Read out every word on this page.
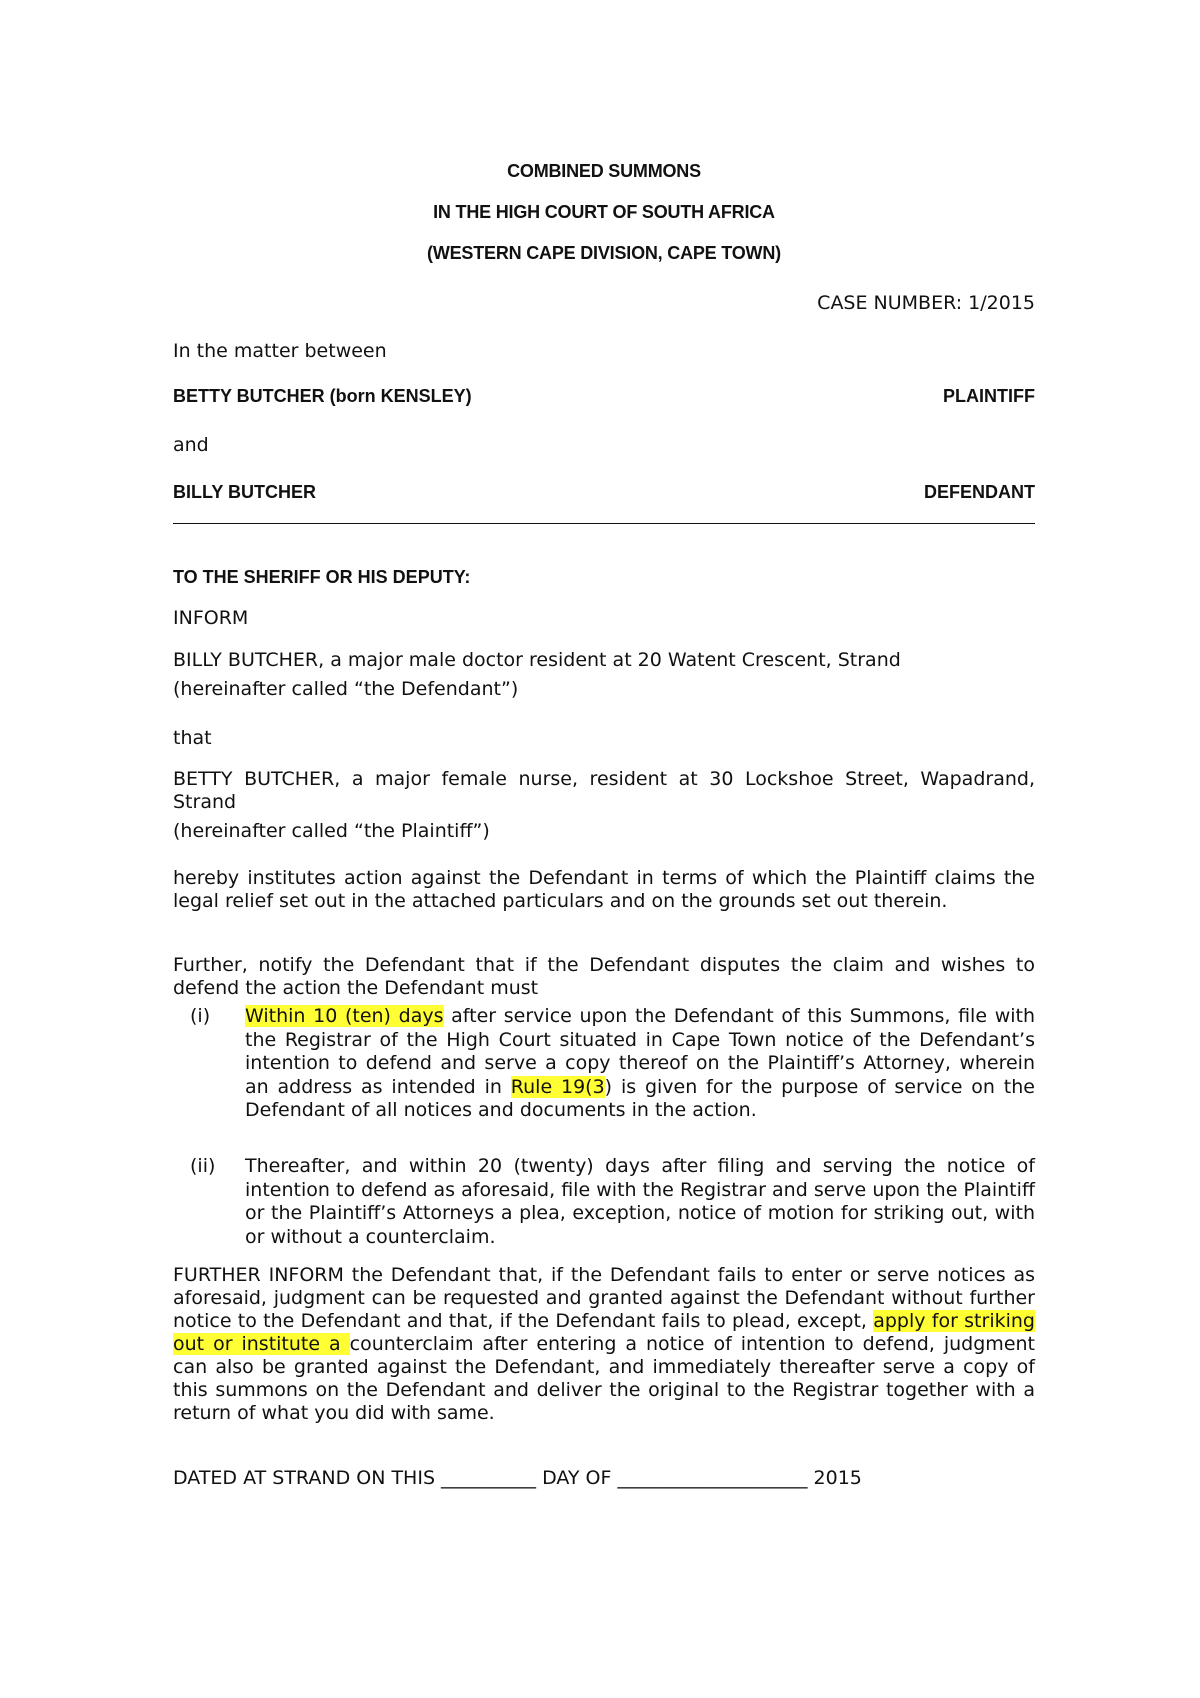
COMBINED SUMMONS
IN THE HIGH COURT OF SOUTH AFRICA
(WESTERN CAPE DIVISION, CAPE TOWN)
CASE NUMBER: 1/2015
In the matter between
BETTY BUTCHER (born KENSLEY)	PLAINTIFF
and
BILLY BUTCHER	DEFENDANT
TO THE SHERIFF OR HIS DEPUTY:
INFORM
BILLY BUTCHER, a major male doctor resident at 20 Watent Crescent, Strand
(hereinafter called “the Defendant”)
that
BETTY BUTCHER, a major female nurse, resident at 30 Lockshoe Street, Wapadrand, Strand
(hereinafter called “the Plaintiff”)
hereby institutes action against the Defendant in terms of which the Plaintiff claims the legal relief set out in the attached particulars and on the grounds set out therein.
Further, notify the Defendant that if the Defendant disputes the claim and wishes to defend the action the Defendant must
(i) Within 10 (ten) days after service upon the Defendant of this Summons, file with the Registrar of the High Court situated in Cape Town notice of the Defendant’s intention to defend and serve a copy thereof on the Plaintiff’s Attorney, wherein an address as intended in Rule 19(3) is given for the purpose of service on the Defendant of all notices and documents in the action.
(ii) Thereafter, and within 20 (twenty) days after filing and serving the notice of intention to defend as aforesaid, file with the Registrar and serve upon the Plaintiff or the Plaintiff’s Attorneys a plea, exception, notice of motion for striking out, with or without a counterclaim.
FURTHER INFORM the Defendant that, if the Defendant fails to enter or serve notices as aforesaid, judgment can be requested and granted against the Defendant without further notice to the Defendant and that, if the Defendant fails to plead, except, apply for striking out or institute a counterclaim after entering a notice of intention to defend, judgment can also be granted against the Defendant, and immediately thereafter serve a copy of this summons on the Defendant and deliver the original to the Registrar together with a return of what you did with same.
DATED AT STRAND ON THIS __________ DAY OF ____________________ 2015
